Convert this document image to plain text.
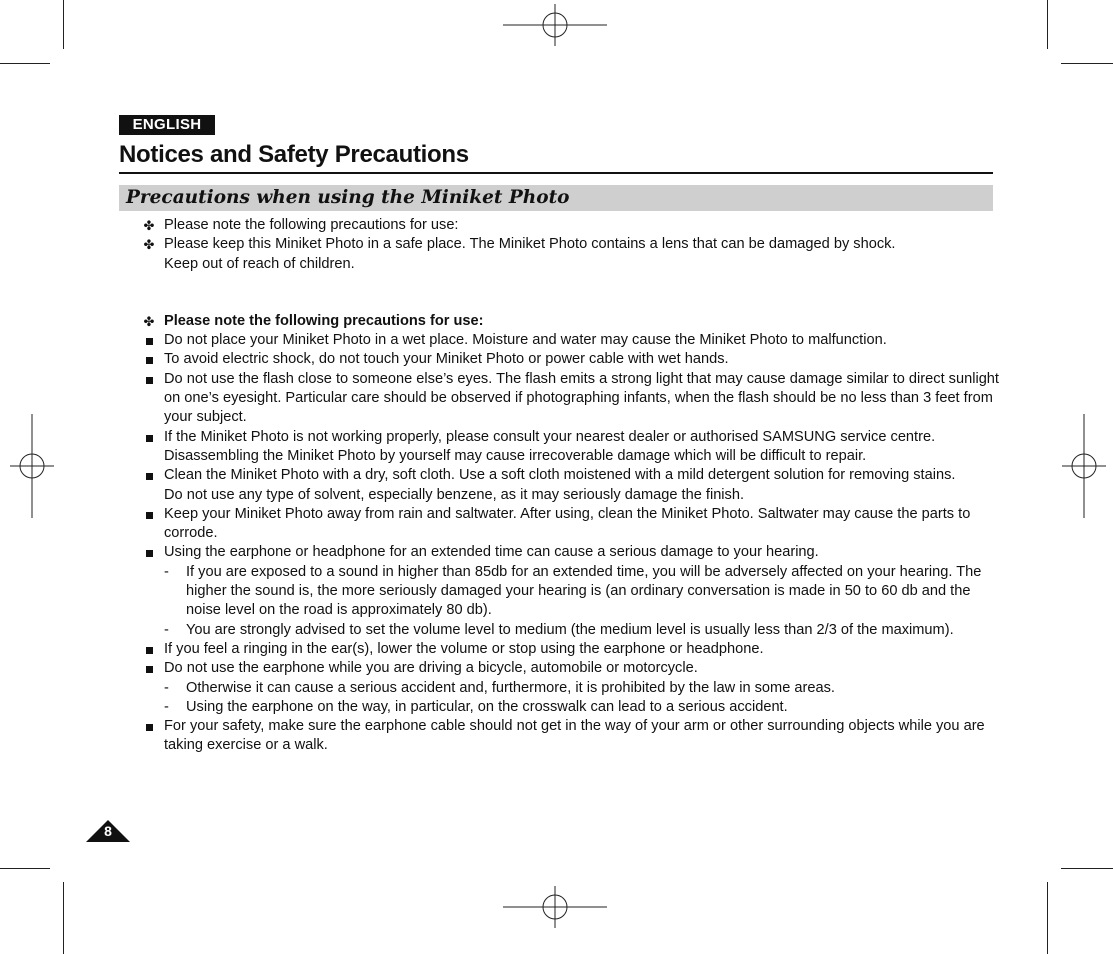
ENGLISH
Notices and Safety Precautions
Precautions when using the Miniket Photo
✤ Please note the following precautions for use:
✤ Please keep this Miniket Photo in a safe place. The Miniket Photo contains a lens that can be damaged by shock.
Keep out of reach of children.
✤ Please note the following precautions for use:
Do not place your Miniket Photo in a wet place. Moisture and water may cause the Miniket Photo to malfunction.
To avoid electric shock, do not touch your Miniket Photo or power cable with wet hands.
Do not use the flash close to someone else’s eyes. The flash emits a strong light that may cause damage similar to direct sunlight on one’s eyesight. Particular care should be observed if photographing infants, when the flash should be no less than 3 feet from your subject.
If the Miniket Photo is not working properly, please consult your nearest dealer or authorised SAMSUNG service centre. Disassembling the Miniket Photo by yourself may cause irrecoverable damage which will be difficult to repair.
Clean the Miniket Photo with a dry, soft cloth. Use a soft cloth moistened with a mild detergent solution for removing stains.
Do not use any type of solvent, especially benzene, as it may seriously damage the finish.
Keep your Miniket Photo away from rain and saltwater. After using, clean the Miniket Photo. Saltwater may cause the parts to corrode.
Using the earphone or headphone for an extended time can cause a serious damage to your hearing.
- If you are exposed to a sound in higher than 85db for an extended time, you will be adversely affected on your hearing. The higher the sound is, the more seriously damaged your hearing is (an ordinary conversation is made in 50 to 60 db and the noise level on the road is approximately 80 db).
- You are strongly advised to set the volume level to medium (the medium level is usually less than 2/3 of the maximum).
If you feel a ringing in the ear(s), lower the volume or stop using the earphone or headphone.
Do not use the earphone while you are driving a bicycle, automobile or motorcycle.
- Otherwise it can cause a serious accident and, furthermore, it is prohibited by the law in some areas.
- Using the earphone on the way, in particular, on the crosswalk can lead to a serious accident.
For your safety, make sure the earphone cable should not get in the way of your arm or other surrounding objects while you are taking exercise or a walk.
8
